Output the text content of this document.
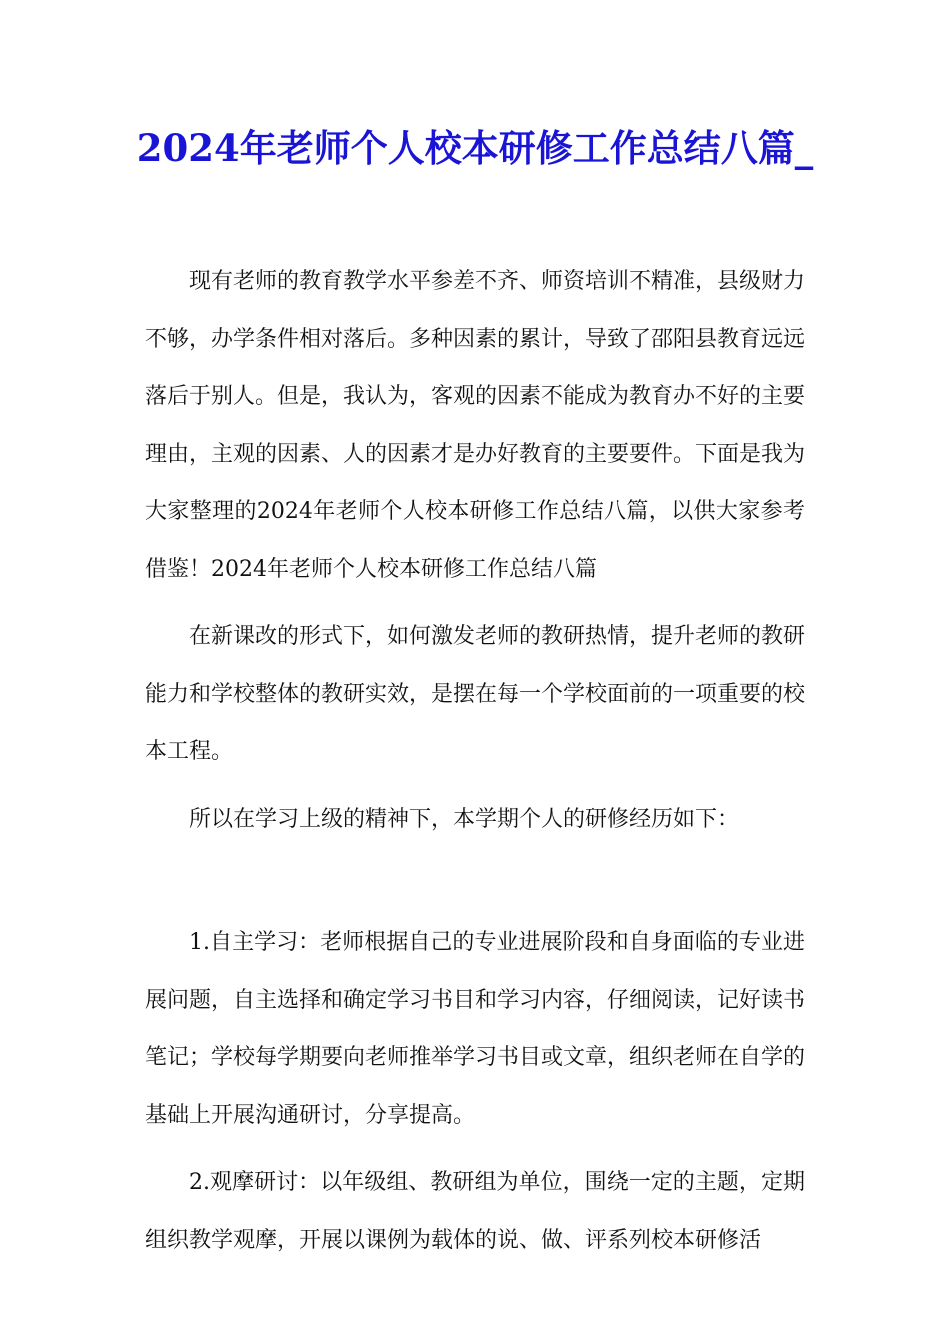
2024年老师个人校本研修工作总结八篇_

现有老师的教育教学水平参差不齐、师资培训不精准，县级财力不够，办学条件相对落后。多种因素的累计，导致了邵阳县教育远远落后于别人。但是，我认为，客观的因素不能成为教育办不好的主要理由，主观的因素、人的因素才是办好教育的主要要件。下面是我为大家整理的2024年老师个人校本研修工作总结八篇，以供大家参考借鉴！2024年老师个人校本研修工作总结八篇

在新课改的形式下，如何激发老师的教研热情，提升老师的教研能力和学校整体的教研实效，是摆在每一个学校面前的一项重要的校本工程。

所以在学习上级的精神下，本学期个人的研修经历如下：

1.自主学习：老师根据自己的专业进展阶段和自身面临的专业进展问题，自主选择和确定学习书目和学习内容，仔细阅读，记好读书笔记；学校每学期要向老师推举学习书目或文章，组织老师在自学的基础上开展沟通研讨，分享提高。

2.观摩研讨：以年级组、教研组为单位，围绕一定的主题，定期组织教学观摩，开展以课例为载体的说、做、评系列校本研修活
